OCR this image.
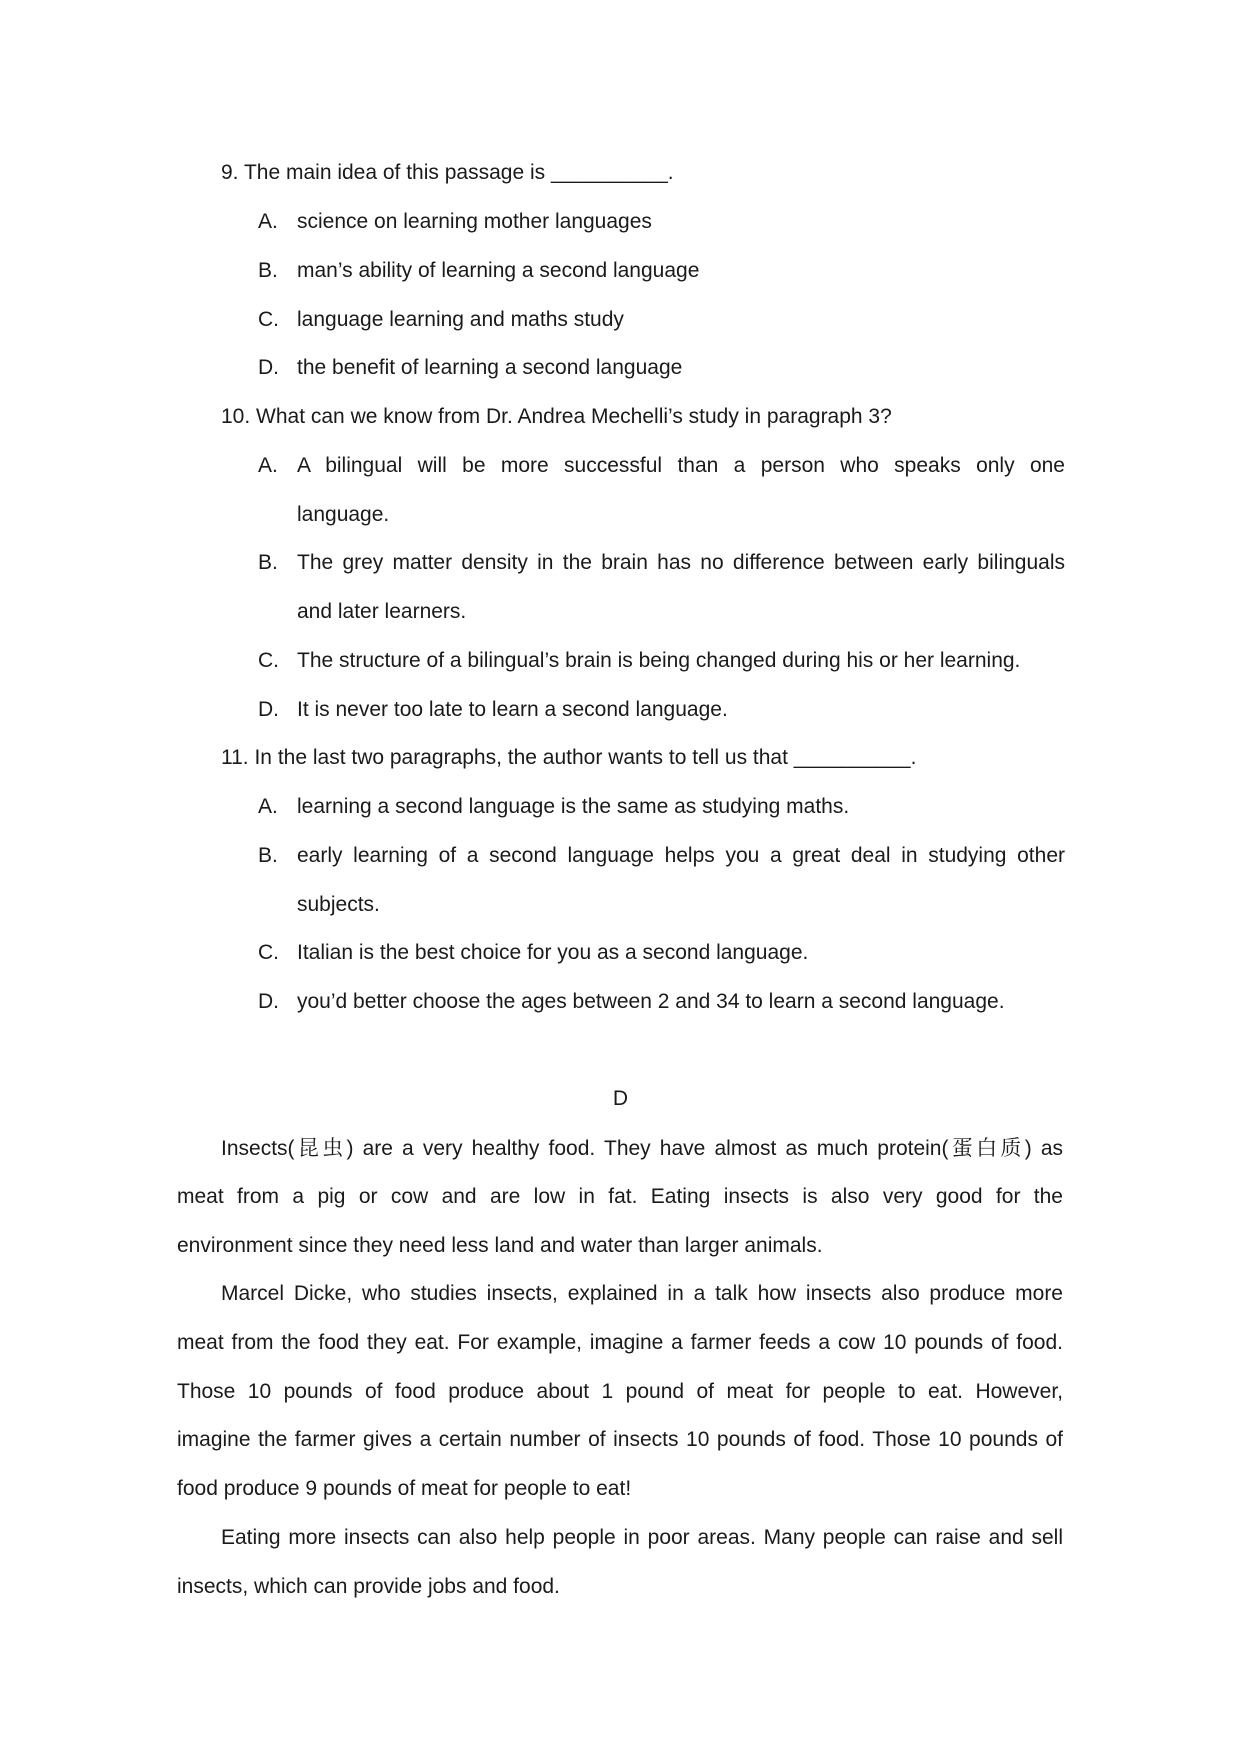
9. The main idea of this passage is __________.
A. science on learning mother languages
B. man’s ability of learning a second language
C. language learning and maths study
D. the benefit of learning a second language
10. What can we know from Dr. Andrea Mechelli’s study in paragraph 3?
A. A bilingual will be more successful than a person who speaks only one
language.
B. The grey matter density in the brain has no difference between early bilinguals
and later learners.
C. The structure of a bilingual’s brain is being changed during his or her learning.
D. It is never too late to learn a second language.
11. In the last two paragraphs, the author wants to tell us that __________.
A. learning a second language is the same as studying maths.
B. early learning of a second language helps you a great deal in studying other
subjects.
C. Italian is the best choice for you as a second language.
D. you’d better choose the ages between 2 and 34 to learn a second language.
D
Insects(昆虫) are a very healthy food. They have almost as much protein(蛋白质) as
meat from a pig or cow and are low in fat. Eating insects is also very good for the
environment since they need less land and water than larger animals.
Marcel Dicke, who studies insects, explained in a talk how insects also produce more
meat from the food they eat. For example, imagine a farmer feeds a cow 10 pounds of food.
Those 10 pounds of food produce about 1 pound of meat for people to eat. However,
imagine the farmer gives a certain number of insects 10 pounds of food. Those 10 pounds of
food produce 9 pounds of meat for people to eat!
Eating more insects can also help people in poor areas. Many people can raise and sell
insects, which can provide jobs and food.
